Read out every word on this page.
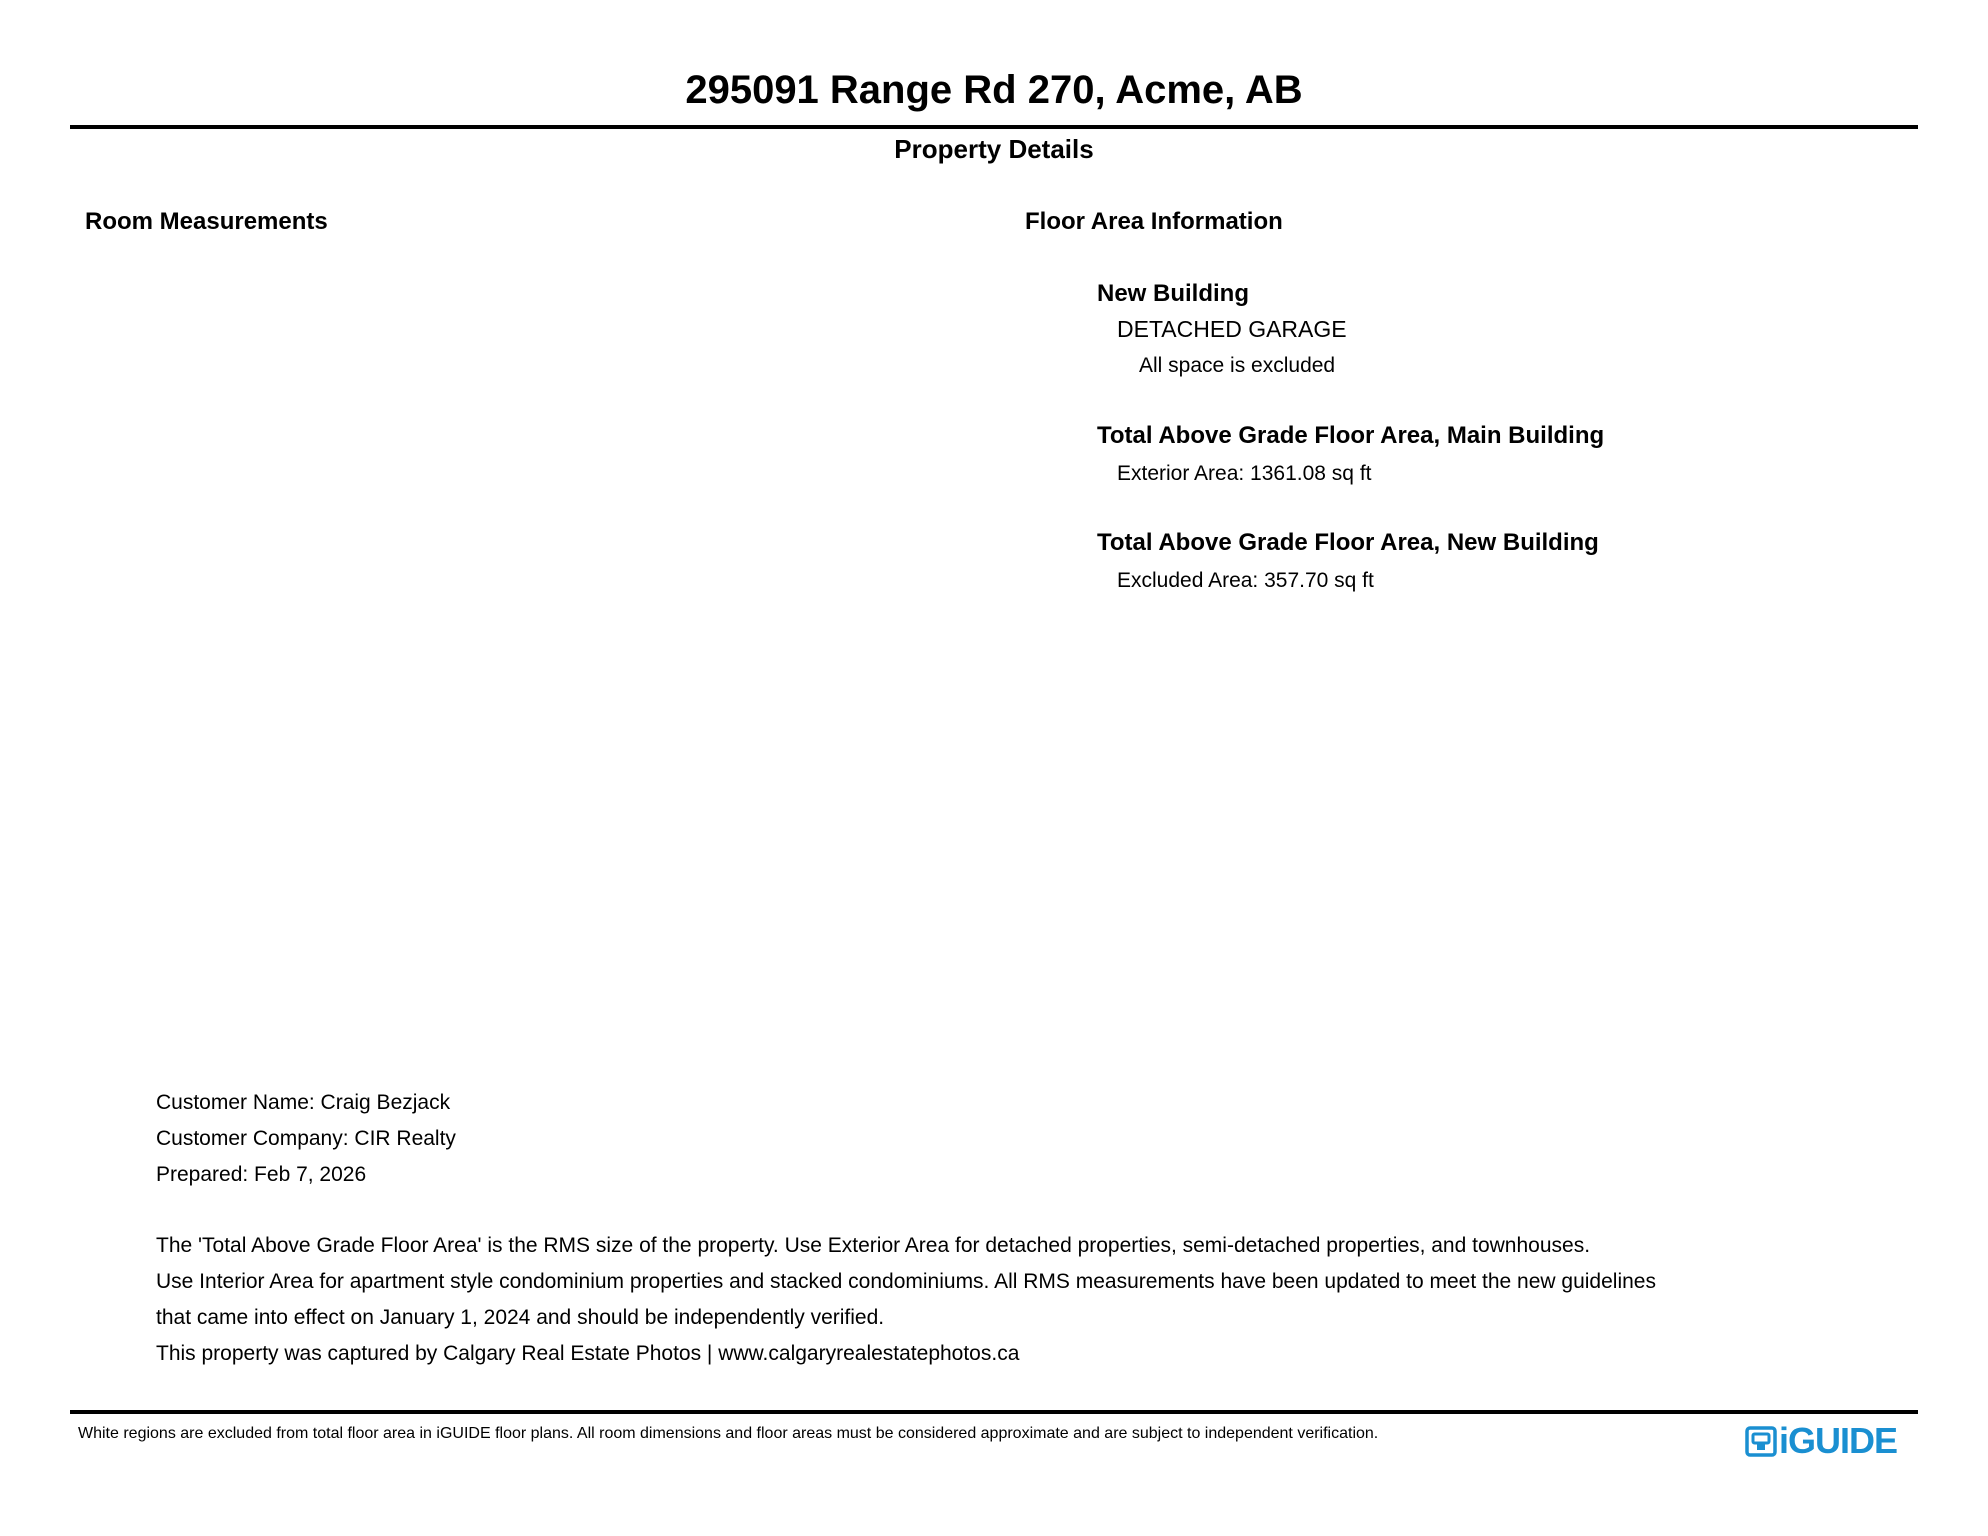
295091 Range Rd 270, Acme, AB
Property Details
Room Measurements	Floor Area Information
New Building
DETACHED GARAGE
All space is excluded
Total Above Grade Floor Area, Main Building
Exterior Area: 1361.08 sq ft
Total Above Grade Floor Area, New Building
Excluded Area: 357.70 sq ft
Customer Name: Craig Bezjack
Customer Company: CIR Realty
Prepared: Feb 7, 2026
The 'Total Above Grade Floor Area' is the RMS size of the property. Use Exterior Area for detached properties, semi-detached properties, and townhouses.
Use Interior Area for apartment style condominium properties and stacked condominiums. All RMS measurements have been updated to meet the new guidelines
that came into effect on January 1, 2024 and should be independently verified.
This property was captured by Calgary Real Estate Photos | www.calgaryrealestatephotos.ca
White regions are excluded from total floor area in iGUIDE floor plans. All room dimensions and floor areas must be considered approximate and are subject to independent verification.	iGUIDE
